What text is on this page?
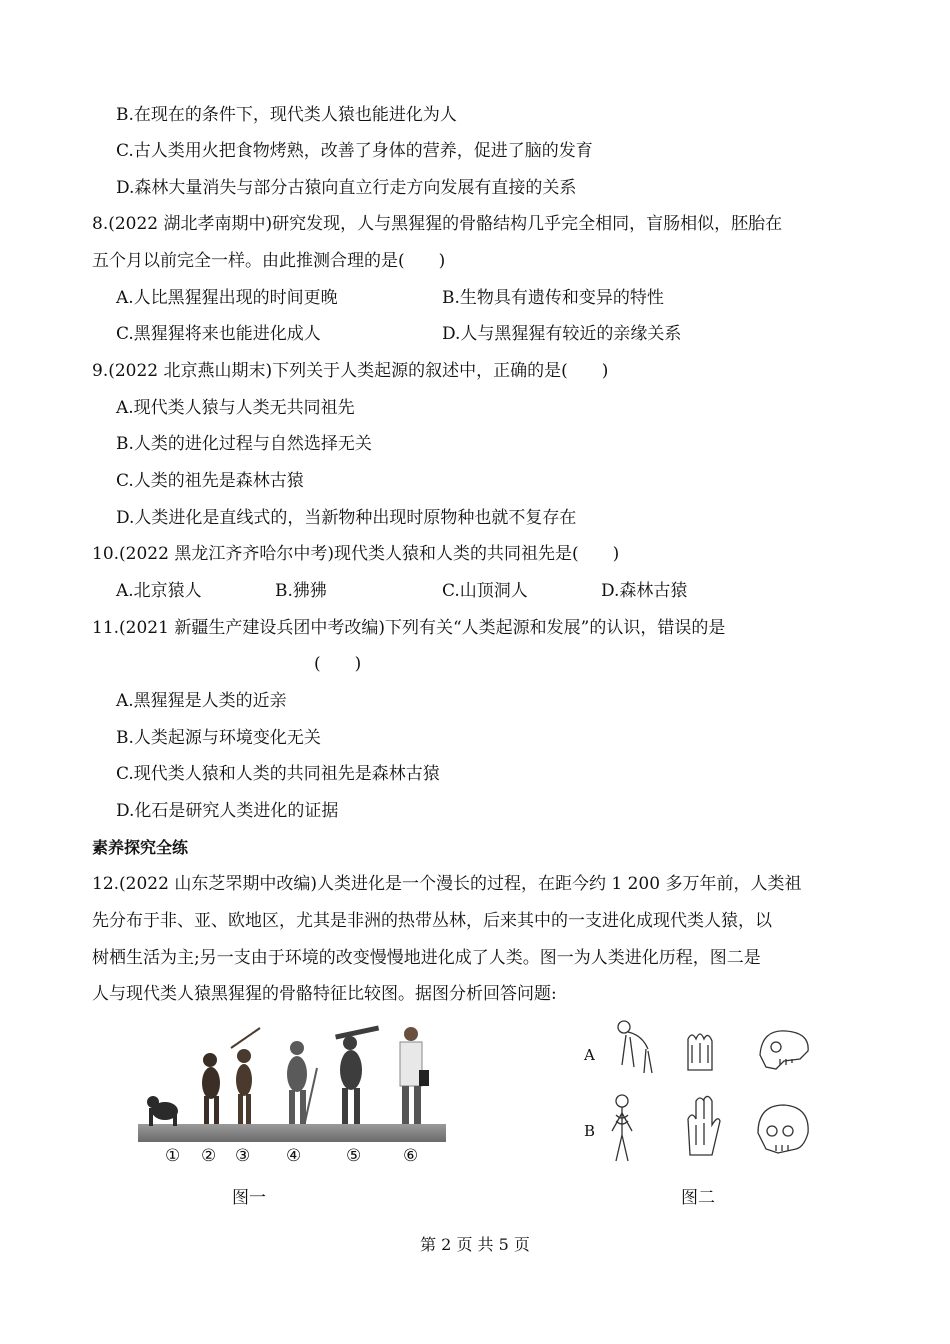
B.在现在的条件下，现代类人猿也能进化为人
C.古人类用火把食物烤熟，改善了身体的营养，促进了脑的发育
D.森林大量消失与部分古猿向直立行走方向发展有直接的关系
8.(2022 湖北孝南期中)研究发现，人与黑猩猩的骨骼结构几乎完全相同，盲肠相似，胚胎在
五个月以前完全一样。由此推测合理的是(　　)
A.人比黑猩猩出现的时间更晚	B.生物具有遗传和变异的特性
C.黑猩猩将来也能进化成人	D.人与黑猩猩有较近的亲缘关系
9.(2022 北京燕山期末)下列关于人类起源的叙述中，正确的是(　　)
A.现代类人猿与人类无共同祖先
B.人类的进化过程与自然选择无关
C.人类的祖先是森林古猿
D.人类进化是直线式的，当新物种出现时原物种也就不复存在
10.(2022 黑龙江齐齐哈尔中考)现代类人猿和人类的共同祖先是(　　)
A.北京猿人	B.狒狒	C.山顶洞人	D.森林古猿
11.(2021 新疆生产建设兵团中考改编)下列有关“人类起源和发展”的认识，错误的是
(　　)
A.黑猩猩是人类的近亲
B.人类起源与环境变化无关
C.现代类人猿和人类的共同祖先是森林古猿
D.化石是研究人类进化的证据
素养探究全练
12.(2022 山东芝罘期中改编)人类进化是一个漫长的过程，在距今约 1 200 多万年前，人类祖
先分布于非、亚、欧地区，尤其是非洲的热带丛林，后来其中的一支进化成现代类人猿，以
树栖生活为主;另一支由于环境的改变慢慢地进化成了人类。图一为人类进化历程，图二是
人与现代类人猿黑猩猩的骨骼特征比较图。据图分析回答问题:
① ② ③ ④	⑤ ⑥
图一
A
B
图二
第 2 页 共 5 页
